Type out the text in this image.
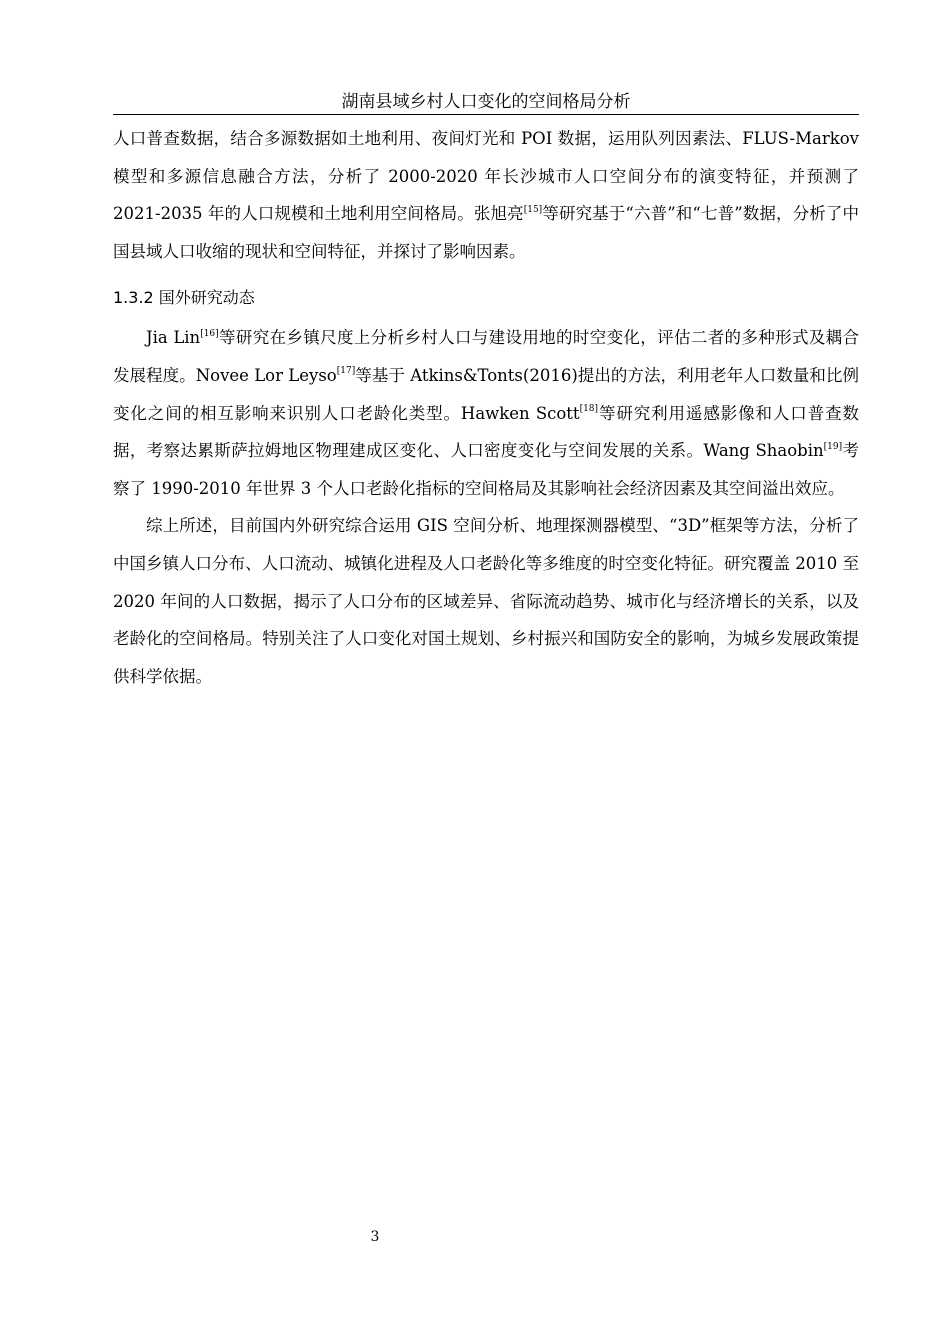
湖南县域乡村人口变化的空间格局分析

人口普查数据，结合多源数据如土地利用、夜间灯光和 POI 数据，运用队列因素法、FLUS-Markov 模型和多源信息融合方法，分析了 2000-2020 年长沙城市人口空间分布的演变特征，并预测了 2021-2035 年的人口规模和土地利用空间格局。张旭亮[15]等研究基于“六普”和“七普”数据，分析了中国县域人口收缩的现状和空间特征，并探讨了影响因素。

1.3.2 国外研究动态

Jia Lin[16]等研究在乡镇尺度上分析乡村人口与建设用地的时空变化，评估二者的多种形式及耦合发展程度。Novee Lor Leyso[17]等基于 Atkins&Tonts(2016)提出的方法，利用老年人口数量和比例变化之间的相互影响来识别人口老龄化类型。Hawken Scott[18]等研究利用遥感影像和人口普查数据，考察达累斯萨拉姆地区物理建成区变化、人口密度变化与空间发展的关系。Wang Shaobin[19]考察了 1990-2010 年世界 3 个人口老龄化指标的空间格局及其影响社会经济因素及其空间溢出效应。

综上所述，目前国内外研究综合运用 GIS 空间分析、地理探测器模型、“3D”框架等方法，分析了中国乡镇人口分布、人口流动、城镇化进程及人口老龄化等多维度的时空变化特征。研究覆盖 2010 至 2020 年间的人口数据，揭示了人口分布的区域差异、省际流动趋势、城市化与经济增长的关系，以及老龄化的空间格局。特别关注了人口变化对国土规划、乡村振兴和国防安全的影响，为城乡发展政策提供科学依据。

3
